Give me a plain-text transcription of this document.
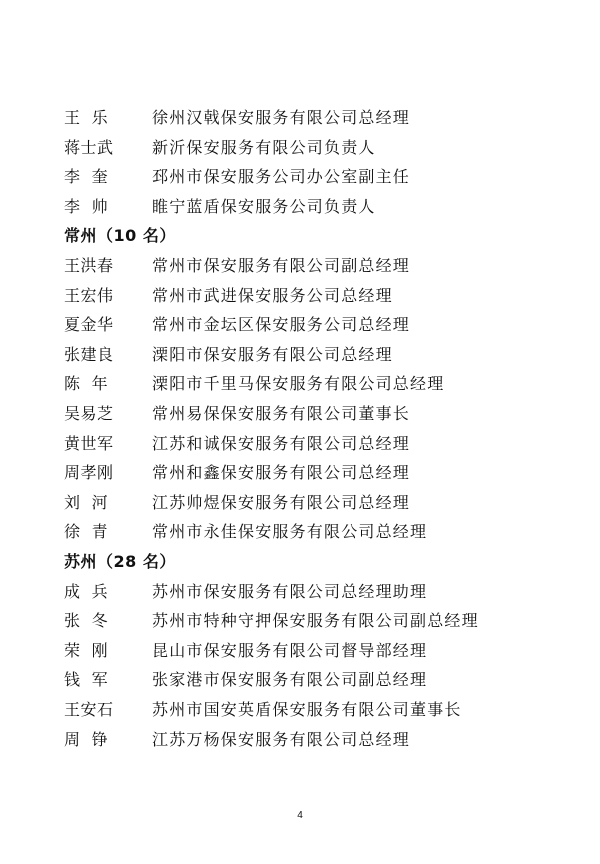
王  乐	徐州汉戟保安服务有限公司总经理
蒋士武	新沂保安服务有限公司负责人
李  奎	邳州市保安服务公司办公室副主任
李  帅	睢宁蓝盾保安服务公司负责人
常州（10 名）
王洪春	常州市保安服务有限公司副总经理
王宏伟	常州市武进保安服务公司总经理
夏金华	常州市金坛区保安服务公司总经理
张建良	溧阳市保安服务有限公司总经理
陈  年	溧阳市千里马保安服务有限公司总经理
吴易芝	常州易保保安服务有限公司董事长
黄世军	江苏和诚保安服务有限公司总经理
周孝刚	常州和鑫保安服务有限公司总经理
刘  河	江苏帅煜保安服务有限公司总经理
徐  青	常州市永佳保安服务有限公司总经理
苏州（28 名）
成  兵	苏州市保安服务有限公司总经理助理
张  冬	苏州市特种守押保安服务有限公司副总经理
荣  刚	昆山市保安服务有限公司督导部经理
钱  军	张家港市保安服务有限公司副总经理
王安石	苏州市国安英盾保安服务有限公司董事长
周  铮	江苏万杨保安服务有限公司总经理
4
